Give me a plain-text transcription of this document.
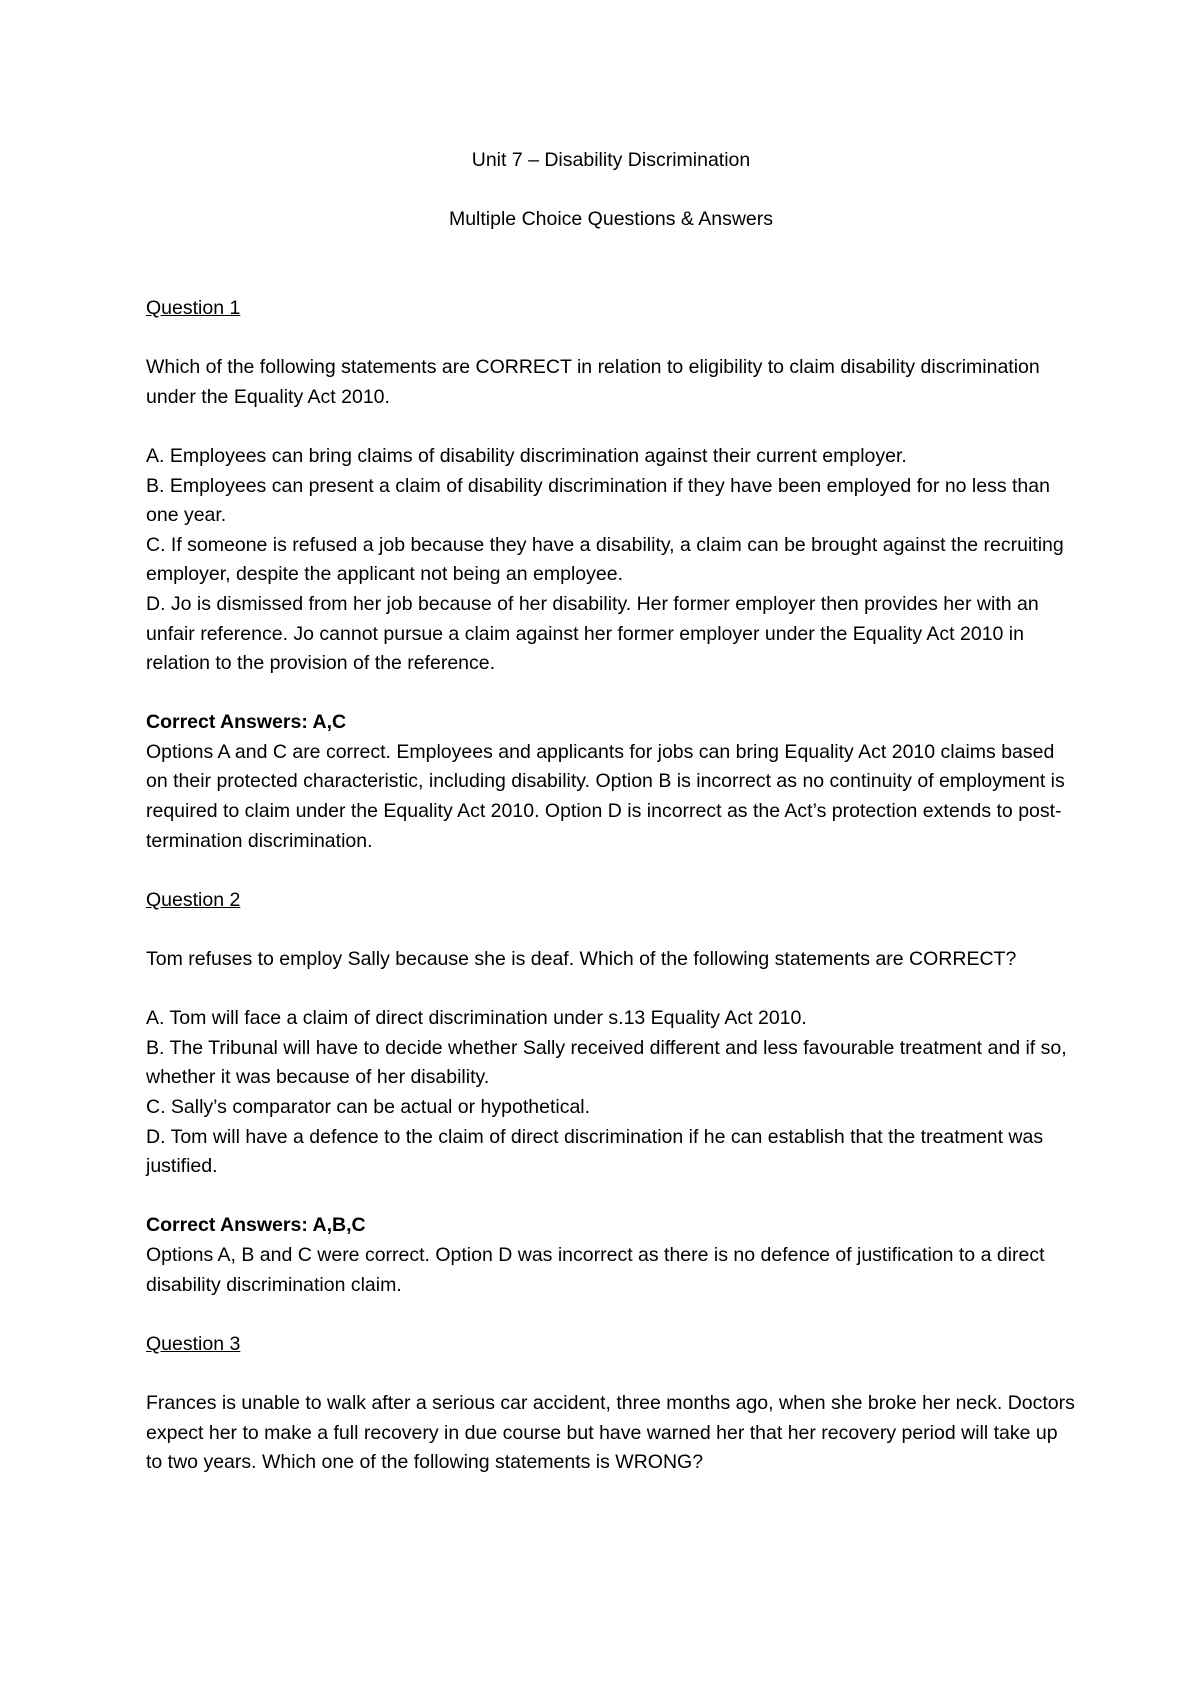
Unit 7 – Disability Discrimination

Multiple Choice Questions & Answers

Question 1

Which of the following statements are CORRECT in relation to eligibility to claim disability discrimination under the Equality Act 2010.

A. Employees can bring claims of disability discrimination against their current employer.

B. Employees can present a claim of disability discrimination if they have been employed for no less than one year.

C. If someone is refused a job because they have a disability, a claim can be brought against the recruiting employer, despite the applicant not being an employee.

D. Jo is dismissed from her job because of her disability. Her former employer then provides her with an unfair reference. Jo cannot pursue a claim against her former employer under the Equality Act 2010 in relation to the provision of the reference.

Correct Answers: A,C

Options A and C are correct. Employees and applicants for jobs can bring Equality Act 2010 claims based on their protected characteristic, including disability. Option B is incorrect as no continuity of employment is required to claim under the Equality Act 2010. Option D is incorrect as the Act’s protection extends to post-termination discrimination.

Question 2

Tom refuses to employ Sally because she is deaf. Which of the following statements are CORRECT?

A. Tom will face a claim of direct discrimination under s.13 Equality Act 2010.

B. The Tribunal will have to decide whether Sally received different and less favourable treatment and if so, whether it was because of her disability.

C. Sally’s comparator can be actual or hypothetical.

D. Tom will have a defence to the claim of direct discrimination if he can establish that the treatment was justified.

Correct Answers: A,B,C

Options A, B and C were correct. Option D was incorrect as there is no defence of justification to a direct disability discrimination claim.

Question 3

Frances is unable to walk after a serious car accident, three months ago, when she broke her neck. Doctors expect her to make a full recovery in due course but have warned her that her recovery period will take up to two years. Which one of the following statements is WRONG?
